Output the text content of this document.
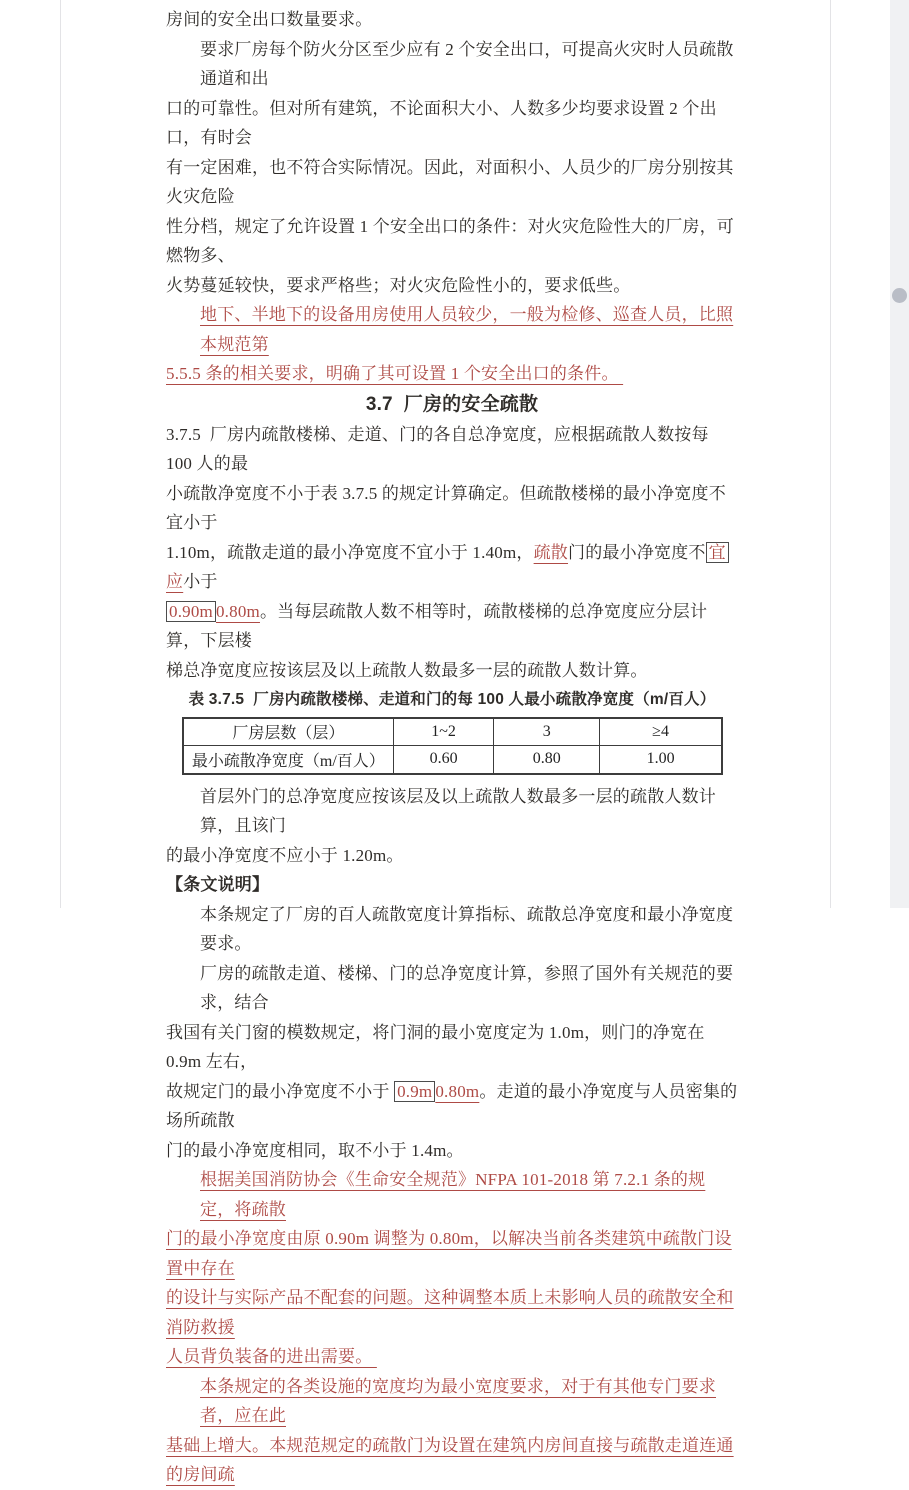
房间的安全出口数量要求。
要求厂房每个防火分区至少应有 2 个安全出口，可提高火灾时人员疏散通道和出
口的可靠性。但对所有建筑，不论面积大小、人数多少均要求设置 2 个出口，有时会
有一定困难，也不符合实际情况。因此，对面积小、人员少的厂房分别按其火灾危险
性分档，规定了允许设置 1 个安全出口的条件：对火灾危险性大的厂房，可燃物多、
火势蔓延较快，要求严格些；对火灾危险性小的，要求低些。
地下、半地下的设备用房使用人员较少，一般为检修、巡查人员，比照本规范第
5.5.5 条的相关要求，明确了其可设置 1 个安全出口的条件。
3.7  厂房的安全疏散
3.7.5  厂房内疏散楼梯、走道、门的各自总净宽度，应根据疏散人数按每 100 人的最
小疏散净宽度不小于表 3.7.5 的规定计算确定。但疏散楼梯的最小净宽度不宜小于
1.10m，疏散走道的最小净宽度不宜小于 1.40m，疏散门的最小净宽度不 宜应小于
0.90m 0.80m。当每层疏散人数不相等时，疏散楼梯的总净宽度应分层计算，下层楼
梯总净宽度应按该层及以上疏散人数最多一层的疏散人数计算。
表 3.7.5  厂房内疏散楼梯、走道和门的每 100 人最小疏散净宽度（m/百人）
厂房层数（层）	1~2	3	≥4
最小疏散净宽度（m/百人）	0.60	0.80	1.00
首层外门的总净宽度应按该层及以上疏散人数最多一层的疏散人数计算，且该门
的最小净宽度不应小于 1.20m。
【条文说明】
本条规定了厂房的百人疏散宽度计算指标、疏散总净宽度和最小净宽度要求。
厂房的疏散走道、楼梯、门的总净宽度计算，参照了国外有关规范的要求，结合
我国有关门窗的模数规定，将门洞的最小宽度定为 1.0m，则门的净宽在 0.9m 左右，
故规定门的最小净宽度不小于 0.9m 0.80m。走道的最小净宽度与人员密集的场所疏散
门的最小净宽度相同，取不小于 1.4m。
根据美国消防协会《生命安全规范》NFPA 101-2018 第 7.2.1 条的规定，将疏散
门的最小净宽度由原 0.90m 调整为 0.80m，以解决当前各类建筑中疏散门设置中存在
的设计与实际产品不配套的问题。这种调整本质上未影响人员的疏散安全和消防救援
人员背负装备的进出需要。
本条规定的各类设施的宽度均为最小宽度要求，对于有其他专门要求者，应在此
基础上增大。本规范规定的疏散门为设置在建筑内房间直接与疏散走道连通的房间疏
